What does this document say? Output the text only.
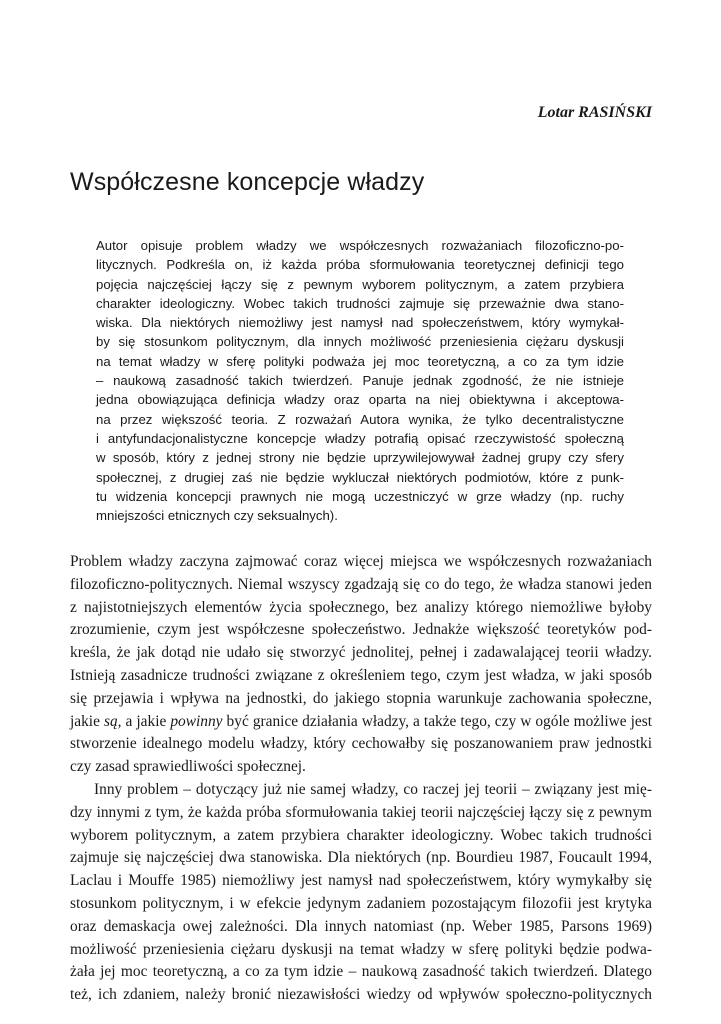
Lotar RASIŃSKI
Współczesne koncepcje władzy
Autor opisuje problem władzy we współczesnych rozważaniach filozoficzno-po-
litycznych. Podkreśla on, iż każda próba sformułowania teoretycznej definicji tego
pojęcia najczęściej łączy się z pewnym wyborem politycznym, a zatem przybiera
charakter ideologiczny. Wobec takich trudności zajmuje się przeważnie dwa stano-
wiska. Dla niektórych niemożliwy jest namysł nad społeczeństwem, który wymykał-
by się stosunkom politycznym, dla innych możliwość przeniesienia ciężaru dyskusji
na temat władzy w sferę polityki podważa jej moc teoretyczną, a co za tym idzie
– naukową zasadność takich twierdzeń. Panuje jednak zgodność, że nie istnieje
jedna obowiązująca definicja władzy oraz oparta na niej obiektywna i akceptowa-
na przez większość teoria. Z rozważań Autora wynika, że tylko decentralistyczne
i antyfundacjonalistyczne koncepcje władzy potrafią opisać rzeczywistość społeczną
w sposób, który z jednej strony nie będzie uprzywilejowywał żadnej grupy czy sfery
społecznej, z drugiej zaś nie będzie wykluczał niektórych podmiotów, które z punk-
tu widzenia koncepcji prawnych nie mogą uczestniczyć w grze władzy (np. ruchy
mniejszości etnicznych czy seksualnych).
Problem władzy zaczyna zajmować coraz więcej miejsca we współczesnych rozważaniach
filozoficzno-politycznych. Niemal wszyscy zgadzają się co do tego, że władza stanowi jeden
z najistotniejszych elementów życia społecznego, bez analizy którego niemożliwe byłoby
zrozumienie, czym jest współczesne społeczeństwo. Jednakże większość teoretyków pod-
kreśla, że jak dotąd nie udało się stworzyć jednolitej, pełnej i zadawalającej teorii władzy.
Istnieją zasadnicze trudności związane z określeniem tego, czym jest władza, w jaki sposób
się przejawia i wpływa na jednostki, do jakiego stopnia warunkuje zachowania społeczne,
jakie są, a jakie powinny być granice działania władzy, a także tego, czy w ogóle możliwe jest
stworzenie idealnego modelu władzy, który cechowałby się poszanowaniem praw jednostki
czy zasad sprawiedliwości społecznej.
Inny problem – dotyczący już nie samej władzy, co raczej jej teorii – związany jest mię-
dzy innymi z tym, że każda próba sformułowania takiej teorii najczęściej łączy się z pewnym
wyborem politycznym, a zatem przybiera charakter ideologiczny. Wobec takich trudności
zajmuje się najczęściej dwa stanowiska. Dla niektórych (np. Bourdieu 1987, Foucault 1994,
Laclau i Mouffe 1985) niemożliwy jest namysł nad społeczeństwem, który wymykałby się
stosunkom politycznym, i w efekcie jedynym zadaniem pozostającym filozofii jest krytyka
oraz demaskacja owej zależności. Dla innych natomiast (np. Weber 1985, Parsons 1969)
możliwość przeniesienia ciężaru dyskusji na temat władzy w sferę polityki będzie podwa-
żała jej moc teoretyczną, a co za tym idzie – naukową zasadność takich twierdzeń. Dlatego
też, ich zdaniem, należy bronić niezawisłości wiedzy od wpływów społeczno-politycznych
